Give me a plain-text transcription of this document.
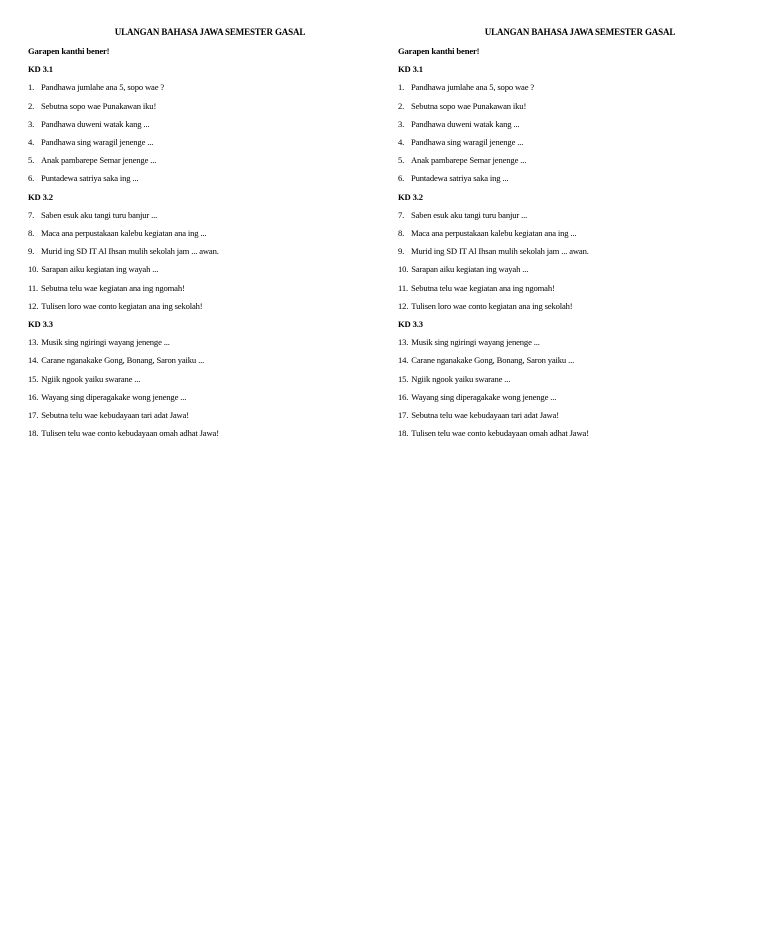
ULANGAN BAHASA JAWA SEMESTER GASAL

Garapen kanthi bener!

KD 3.1

1. Pandhawa jumlahe ana 5, sopo wae ?
2. Sebutna sopo wae Punakawan iku!
3. Pandhawa duweni watak kang ...
4. Pandhawa sing waragil jenenge ...
5. Anak pambarepe Semar jenenge ...
6. Puntadewa satriya saka ing ...

KD 3.2

7. Saben esuk aku tangi turu banjur ...
8. Maca ana perpustakaan kalebu kegiatan ana ing ...
9. Murid ing SD IT Al Ihsan mulih sekolah jam ... awan.
10. Sarapan aiku kegiatan ing wayah ...
11. Sebutna telu wae kegiatan ana ing ngomah!
12. Tulisen loro wae conto kegiatan ana ing sekolah!

KD 3.3

13. Musik sing ngiringi wayang jenenge ...
14. Carane nganakake Gong, Bonang, Saron yaiku ...
15. Ngiik ngook yaiku swarane ...
16. Wayang sing diperagakake wong jenenge ...
17. Sebutna telu wae kebudayaan tari adat Jawa!
18. Tulisen telu wae conto kebudayaan omah adhat Jawa!

ULANGAN BAHASA JAWA SEMESTER GASAL

Garapen kanthi bener!

KD 3.1

1. Pandhawa jumlahe ana 5, sopo wae ?
2. Sebutna sopo wae Punakawan iku!
3. Pandhawa duweni watak kang ...
4. Pandhawa sing waragil jenenge ...
5. Anak pambarepe Semar jenenge ...
6. Puntadewa satriya saka ing ...

KD 3.2

7. Saben esuk aku tangi turu banjur ...
8. Maca ana perpustakaan kalebu kegiatan ana ing ...
9. Murid ing SD IT Al Ihsan mulih sekolah jam ... awan.
10. Sarapan aiku kegiatan ing wayah ...
11. Sebutna telu wae kegiatan ana ing ngomah!
12. Tulisen loro wae conto kegiatan ana ing sekolah!

KD 3.3

13. Musik sing ngiringi wayang jenenge ...
14. Carane nganakake Gong, Bonang, Saron yaiku ...
15. Ngiik ngook yaiku swarane ...
16. Wayang sing diperagakake wong jenenge ...
17. Sebutna telu wae kebudayaan tari adat Jawa!
18. Tulisen telu wae conto kebudayaan omah adhat Jawa!
